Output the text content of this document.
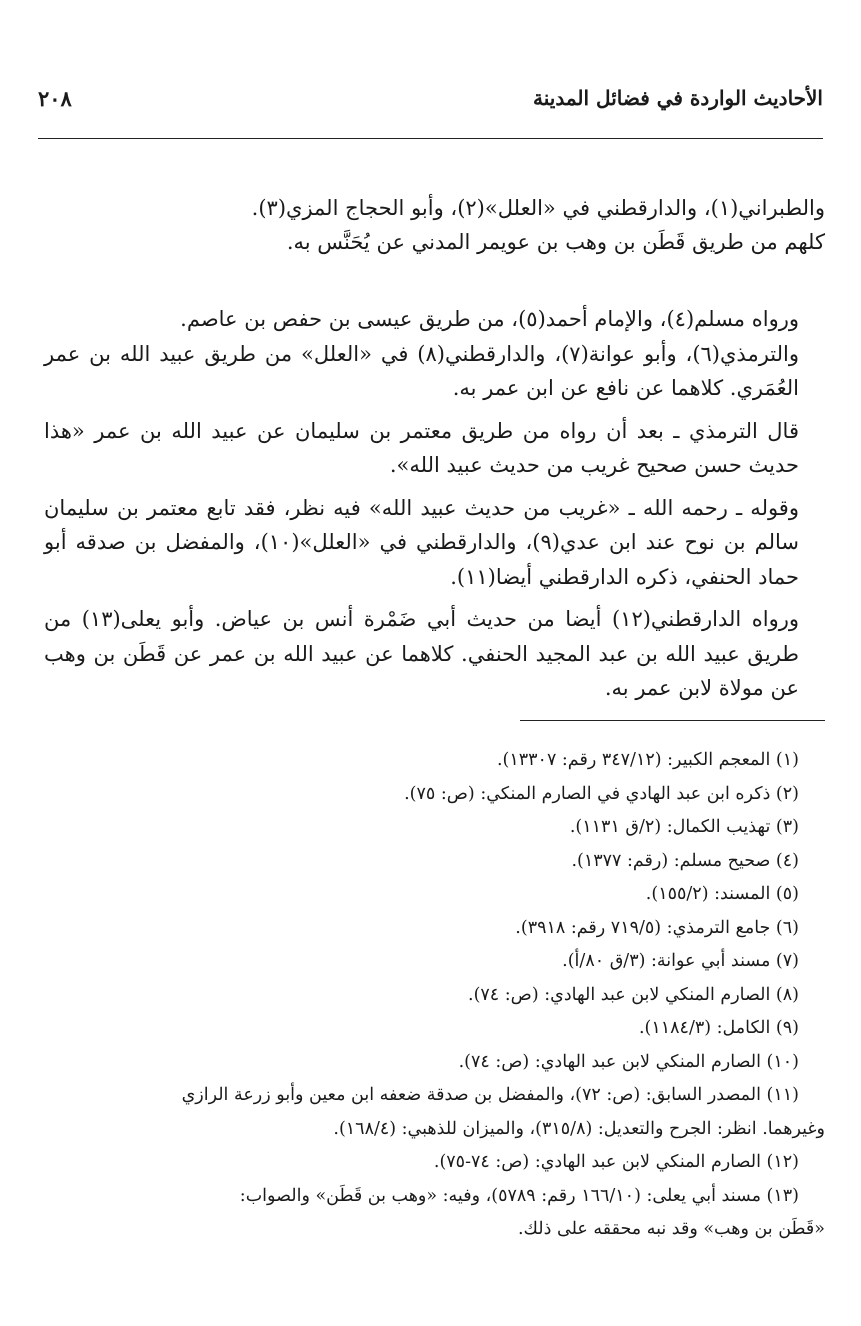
الأحاديث الواردة في فضائل المدينة
٢٠٨

والطبراني(١)، والدارقطني في «العلل»(٢)، وأبو الحجاج المزي(٣).
كلهم من طريق قَطَن بن وهب بن عويمر المدني عن يُحَنَّس به.

ورواه مسلم(٤)، والإمام أحمد(٥)، من طريق عيسى بن حفص بن عاصم.
والترمذي(٦)، وأبو عوانة(٧)، والدارقطني(٨) في «العلل» من طريق عبيد الله بن عمر العُمَري. كلاهما عن نافع عن ابن عمر به.

قال الترمذي ـ بعد أن رواه من طريق معتمر بن سليمان عن عبيد الله بن عمر «هذا حديث حسن صحيح غريب من حديث عبيد الله».

وقوله ـ رحمه الله ـ «غريب من حديث عبيد الله» فيه نظر، فقد تابع معتمر بن سليمان سالم بن نوح عند ابن عدي(٩)، والدارقطني في «العلل»(١٠)، والمفضل بن صدقه أبو حماد الحنفي، ذكره الدارقطني أيضا(١١).

ورواه الدارقطني(١٢) أيضا من حديث أبي ضَمْرة أنس بن عياض. وأبو يعلى(١٣) من طريق عبيد الله بن عبد المجيد الحنفي. كلاهما عن عبيد الله بن عمر عن قَطَن بن وهب عن مولاة لابن عمر به.

(١) المعجم الكبير: (٣٤٧/١٢ رقم: ١٣٣٠٧).
(٢) ذكره ابن عبد الهادي في الصارم المنكي: (ص: ٧٥).
(٣) تهذيب الكمال: (٢/ق ١١٣١).
(٤) صحيح مسلم: (رقم: ١٣٧٧).
(٥) المسند: (١٥٥/٢).
(٦) جامع الترمذي: (٧١٩/٥ رقم: ٣٩١٨).
(٧) مسند أبي عوانة: (٣/ق ٨٠/أ).
(٨) الصارم المنكي لابن عبد الهادي: (ص: ٧٤).
(٩) الكامل: (١١٨٤/٣).
(١٠) الصارم المنكي لابن عبد الهادي: (ص: ٧٤).
(١١) المصدر السابق: (ص: ٧٢)، والمفضل بن صدقة ضعفه ابن معين وأبو زرعة الرازي
وغيرهما. انظر: الجرح والتعديل: (٣١٥/٨)، والميزان للذهبي: (١٦٨/٤).
(١٢) الصارم المنكي لابن عبد الهادي: (ص: ٧٤-٧٥).
(١٣) مسند أبي يعلى: (١٦٦/١٠ رقم: ٥٧٨٩)، وفيه: «وهب بن قَطَن» والصواب:
«قَطَن بن وهب» وقد نبه محققه على ذلك.
